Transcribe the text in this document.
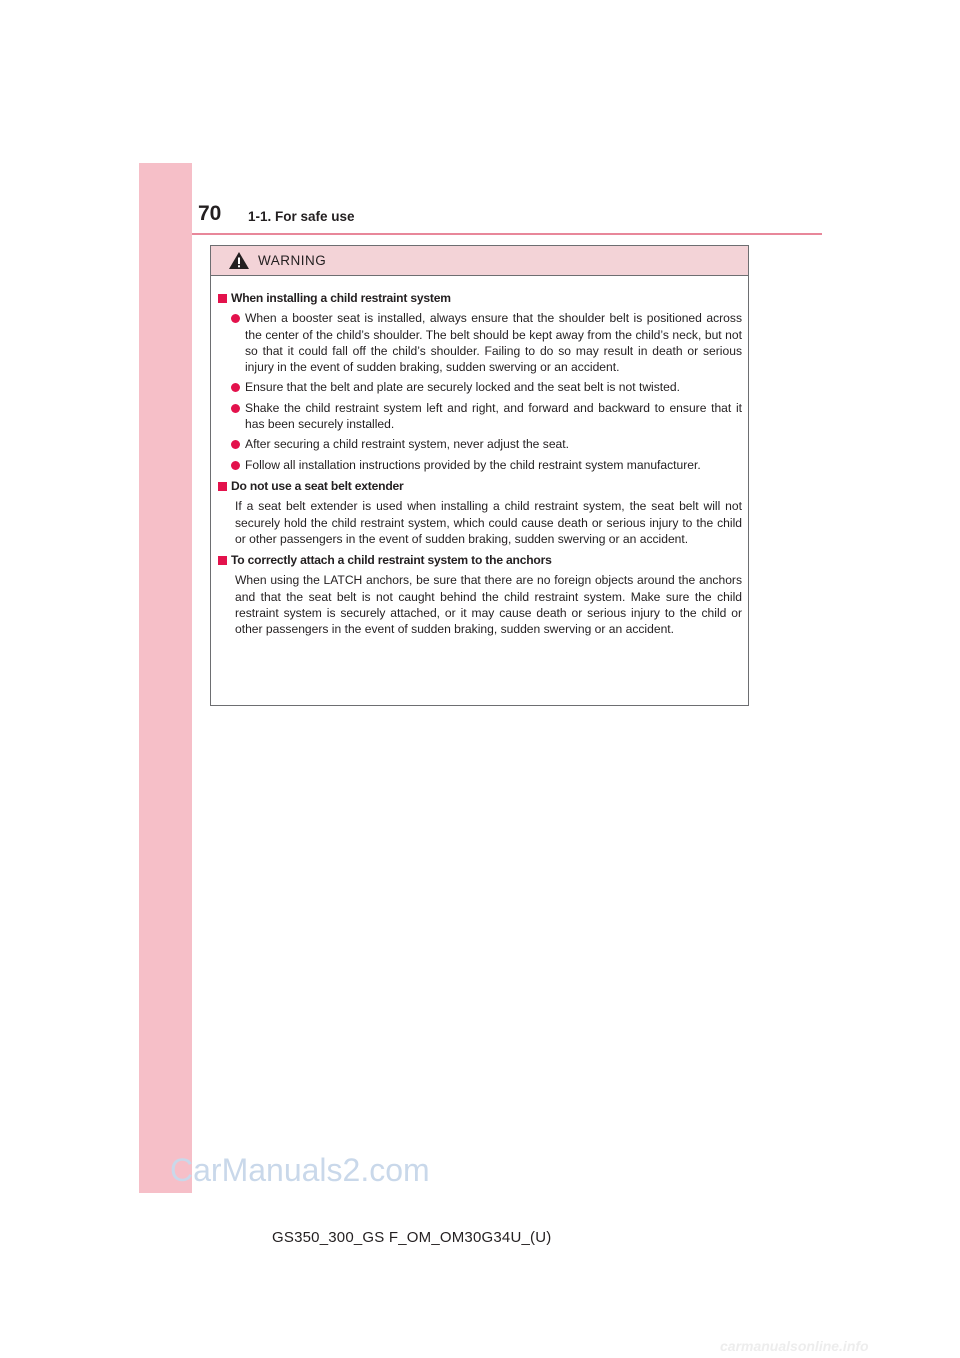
70 1-1. For safe use
WARNING
When installing a child restraint system
When a booster seat is installed, always ensure that the shoulder belt is positioned across the center of the child’s shoulder. The belt should be kept away from the child’s neck, but not so that it could fall off the child’s shoulder. Failing to do so may result in death or serious injury in the event of sudden braking, sudden swerving or an accident.
Ensure that the belt and plate are securely locked and the seat belt is not twisted.
Shake the child restraint system left and right, and forward and backward to ensure that it has been securely installed.
After securing a child restraint system, never adjust the seat.
Follow all installation instructions provided by the child restraint system manufacturer.
Do not use a seat belt extender
If a seat belt extender is used when installing a child restraint system, the seat belt will not securely hold the child restraint system, which could cause death or serious injury to the child or other passengers in the event of sudden braking, sudden swerving or an accident.
To correctly attach a child restraint system to the anchors
When using the LATCH anchors, be sure that there are no foreign objects around the anchors and that the seat belt is not caught behind the child restraint system. Make sure the child restraint system is securely attached, or it may cause death or serious injury to the child or other passengers in the event of sudden braking, sudden swerving or an accident.
CarManuals2.com
GS350_300_GS F_OM_OM30G34U_(U)
carmanualsonline.info
